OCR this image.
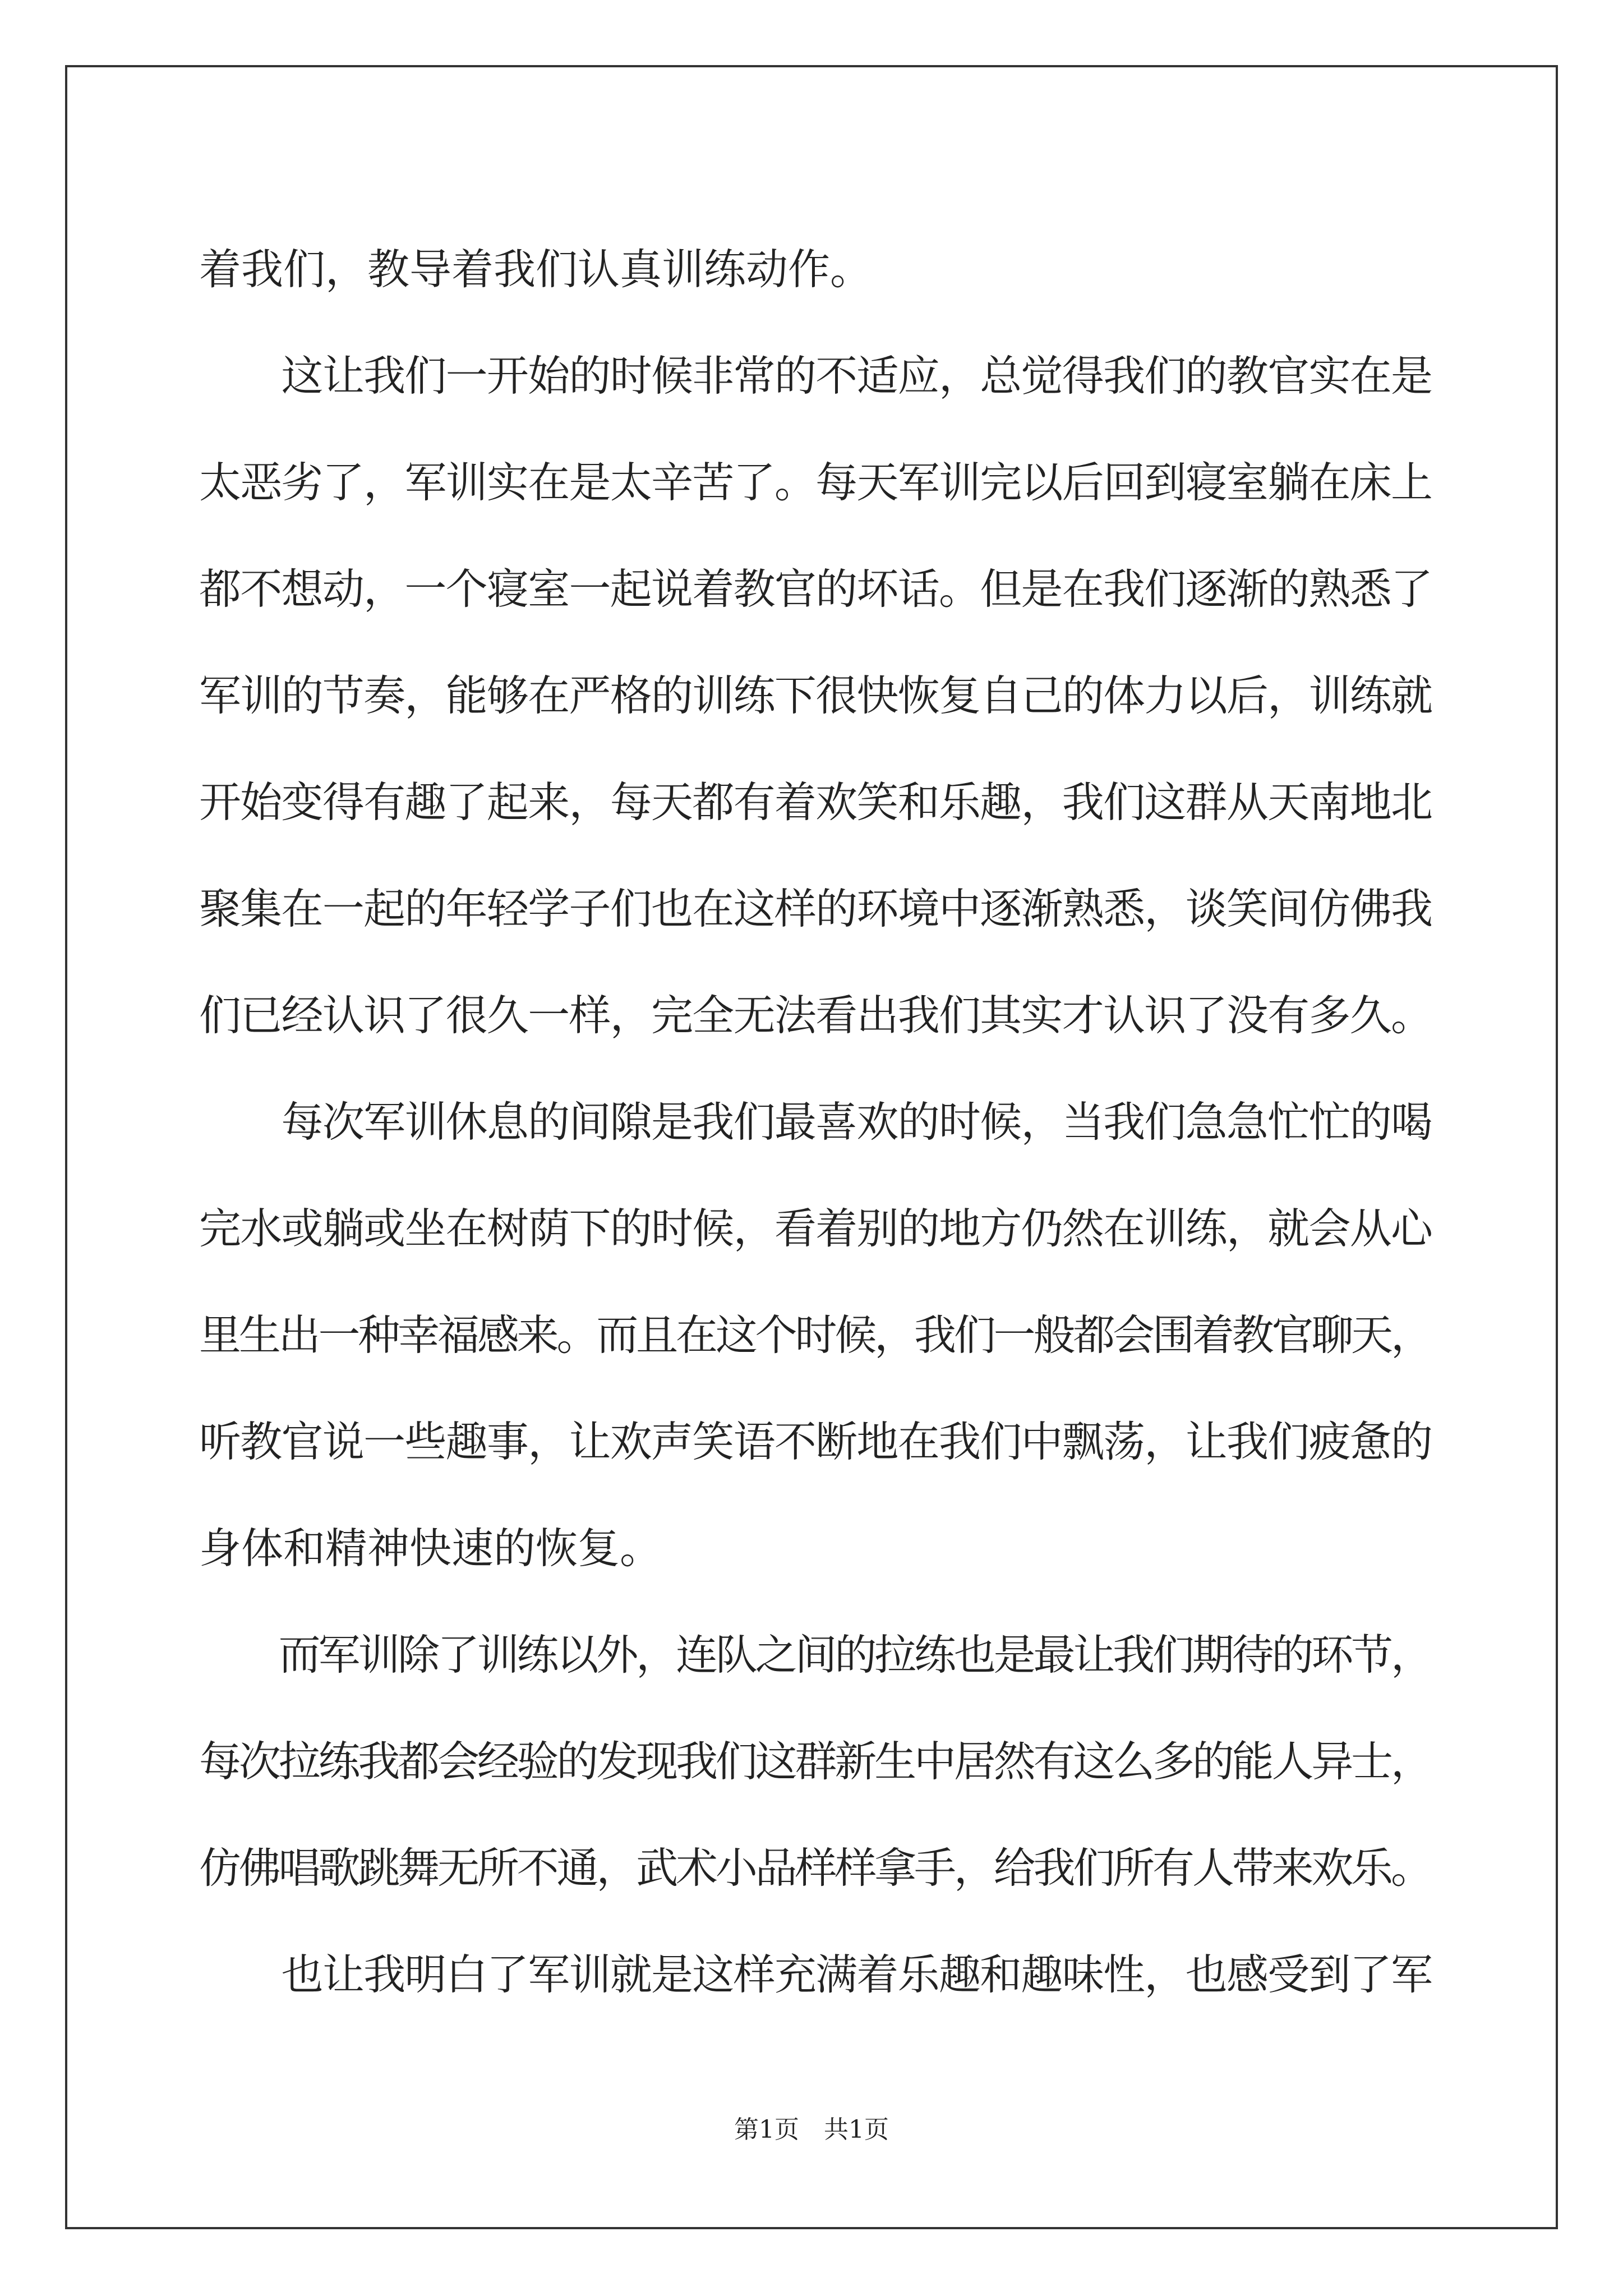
着我们，教导着我们认真训练动作。
　　这让我们一开始的时候非常的不适应，总觉得我们的教官实在是
太恶劣了，军训实在是太辛苦了。每天军训完以后回到寝室躺在床上
都不想动，一个寝室一起说着教官的坏话。但是在我们逐渐的熟悉了
军训的节奏，能够在严格的训练下很快恢复自己的体力以后，训练就
开始变得有趣了起来，每天都有着欢笑和乐趣，我们这群从天南地北
聚集在一起的年轻学子们也在这样的环境中逐渐熟悉，谈笑间仿佛我
们已经认识了很久一样，完全无法看出我们其实才认识了没有多久。
　　每次军训休息的间隙是我们最喜欢的时候，当我们急急忙忙的喝
完水或躺或坐在树荫下的时候，看着别的地方仍然在训练，就会从心
里生出一种幸福感来。而且在这个时候，我们一般都会围着教官聊天，
听教官说一些趣事，让欢声笑语不断地在我们中飘荡，让我们疲惫的
身体和精神快速的恢复。
　　而军训除了训练以外，连队之间的拉练也是最让我们期待的环节，
每次拉练我都会经验的发现我们这群新生中居然有这么多的能人异士，
仿佛唱歌跳舞无所不通，武术小品样样拿手，给我们所有人带来欢乐。
　　也让我明白了军训就是这样充满着乐趣和趣味性，也感受到了军
第1页　共1页
